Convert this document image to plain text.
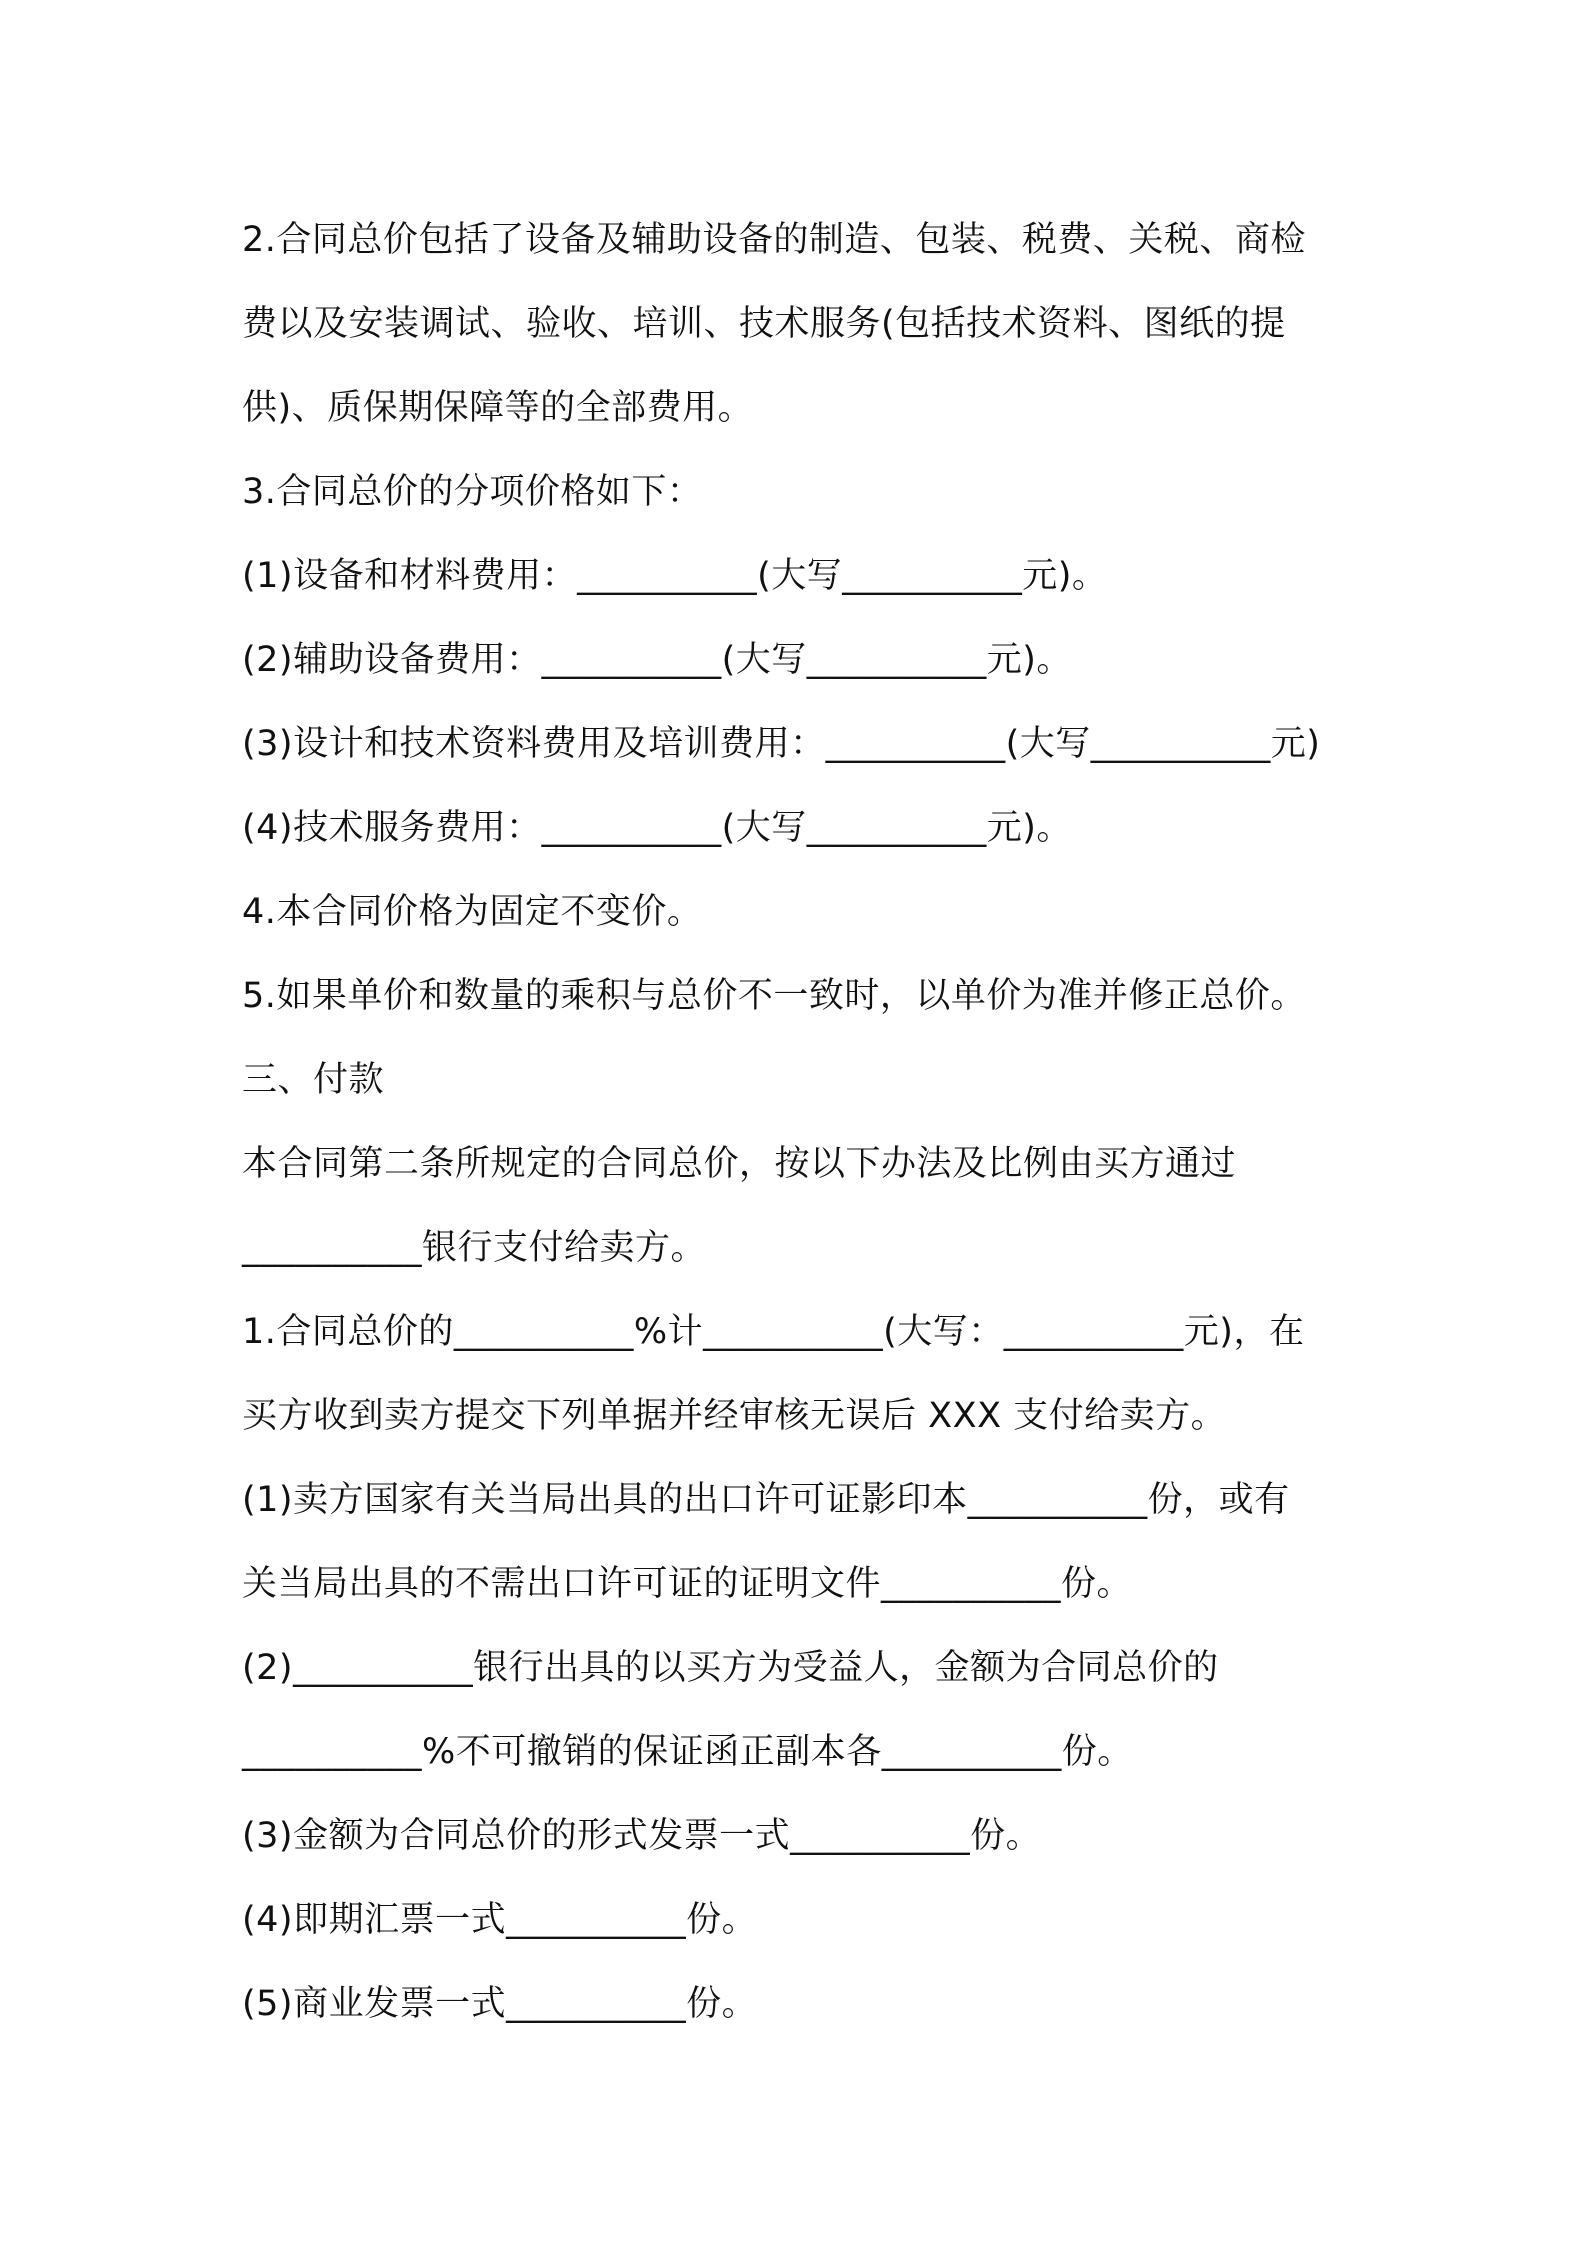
2.合同总价包括了设备及辅助设备的制造、包装、税费、关税、商检

费以及安装调试、验收、培训、技术服务(包括技术资料、图纸的提

供)、质保期保障等的全部费用。

3.合同总价的分项价格如下：

(1)设备和材料费用：__________(大写__________元)。

(2)辅助设备费用：__________(大写__________元)。

(3)设计和技术资料费用及培训费用：__________(大写__________元)

(4)技术服务费用：__________(大写__________元)。

4.本合同价格为固定不变价。

5.如果单价和数量的乘积与总价不一致时，以单价为准并修正总价。

三、付款

本合同第二条所规定的合同总价，按以下办法及比例由买方通过

__________银行支付给卖方。

1.合同总价的__________%计__________(大写：__________元)，在

买方收到卖方提交下列单据并经审核无误后 XXX 支付给卖方。

(1)卖方国家有关当局出具的出口许可证影印本__________份，或有

关当局出具的不需出口许可证的证明文件__________份。

(2)__________银行出具的以买方为受益人，金额为合同总价的

__________%不可撤销的保证函正副本各__________份。

(3)金额为合同总价的形式发票一式__________份。

(4)即期汇票一式__________份。

(5)商业发票一式__________份。
